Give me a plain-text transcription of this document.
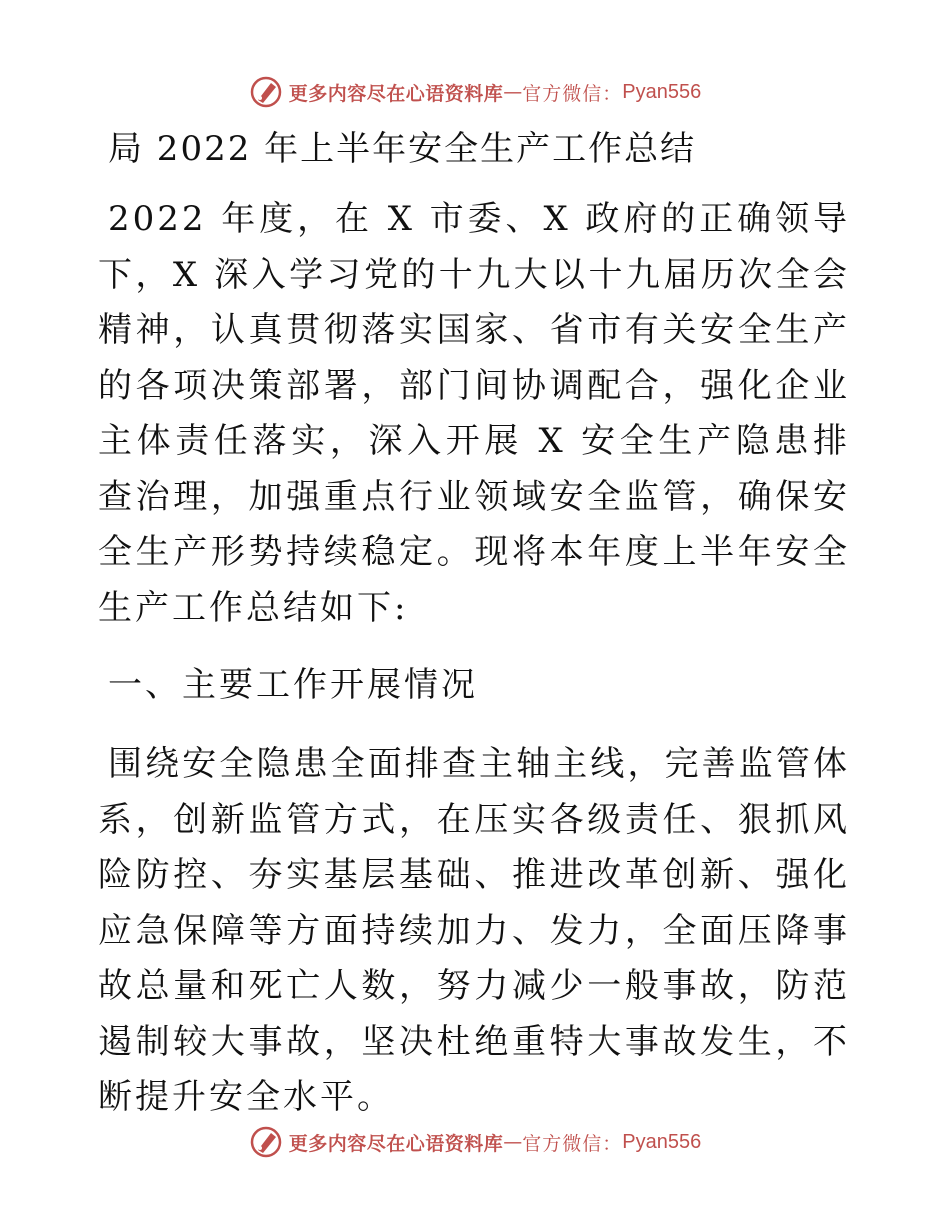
更多内容尽在心语资料库 — 官方微信： Pyan556
局 2022 年上半年安全生产工作总结

2022 年度，在 X 市委、X 政府的正确领导下，X 深入学习党的十九大以十九届历次全会精神，认真贯彻落实国家、省市有关安全生产的各项决策部署，部门间协调配合，强化企业主体责任落实，深入开展 X 安全生产隐患排查治理，加强重点行业领域安全监管，确保安全生产形势持续稳定。现将本年度上半年安全生产工作总结如下:

一、主要工作开展情况

围绕安全隐患全面排查主轴主线，完善监管体系，创新监管方式，在压实各级责任、狠抓风险防控、夯实基层基础、推进改革创新、强化应急保障等方面持续加力、发力，全面压降事故总量和死亡人数，努力减少一般事故，防范遏制较大事故，坚决杜绝重特大事故发生，不断提升安全水平。

更多内容尽在心语资料库 — 官方微信： Pyan556
